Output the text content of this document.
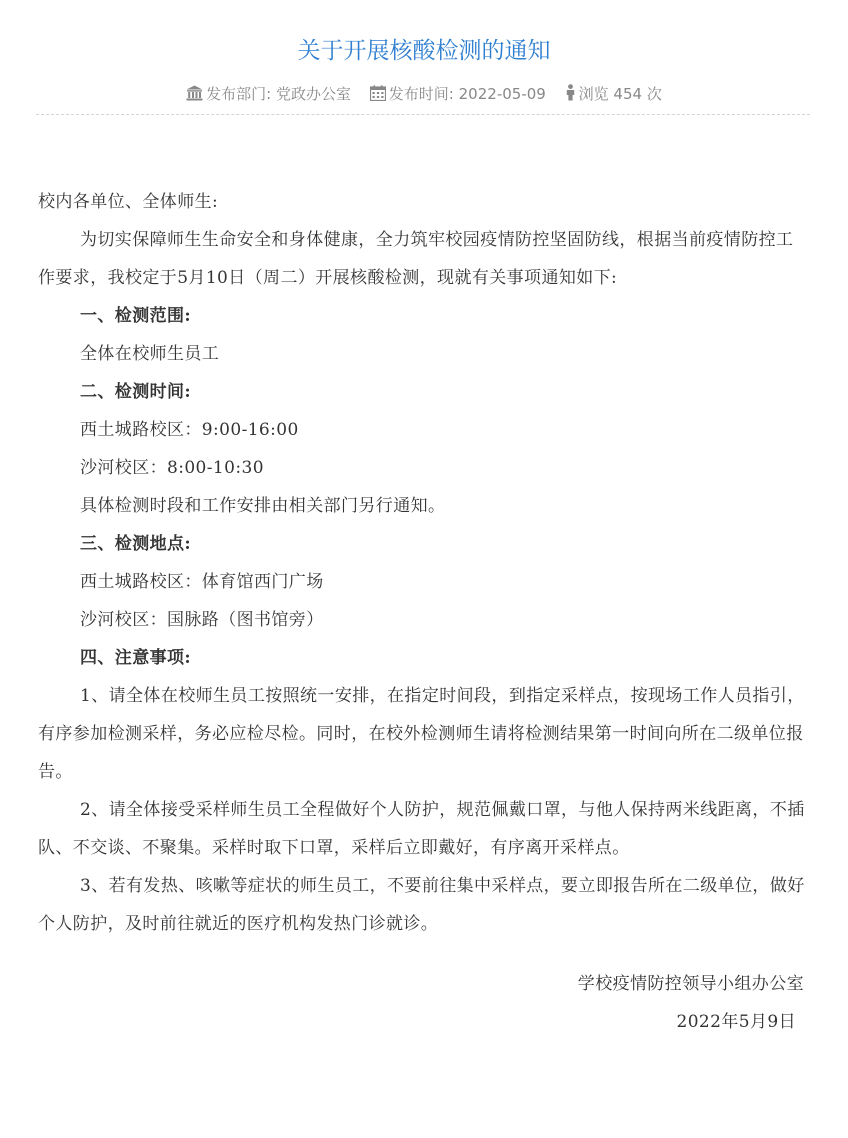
关于开展核酸检测的通知
发布部门: 党政办公室	发布时间: 2022-05-09 浏览 454 次

校内各单位、全体师生:

为切实保障师生生命安全和身体健康，全力筑牢校园疫情防控坚固防线，根据当前疫情防控工作要求，我校定于5月10日（周二）开展核酸检测，现就有关事项通知如下:

一、检测范围:

全体在校师生员工

二、检测时间:

西土城路校区：9:00-16:00

沙河校区：8:00-10:30

具体检测时段和工作安排由相关部门另行通知。

三、检测地点:

西土城路校区：体育馆西门广场

沙河校区：国脉路（图书馆旁）

四、注意事项:

1、请全体在校师生员工按照统一安排，在指定时间段，到指定采样点，按现场工作人员指引，有序参加检测采样，务必应检尽检。同时，在校外检测师生请将检测结果第一时间向所在二级单位报告。

2、请全体接受采样师生员工全程做好个人防护，规范佩戴口罩，与他人保持两米线距离，不插队、不交谈、不聚集。采样时取下口罩，采样后立即戴好，有序离开采样点。

3、若有发热、咳嗽等症状的师生员工，不要前往集中采样点，要立即报告所在二级单位，做好个人防护，及时前往就近的医疗机构发热门诊就诊。

学校疫情防控领导小组办公室

2022年5月9日
